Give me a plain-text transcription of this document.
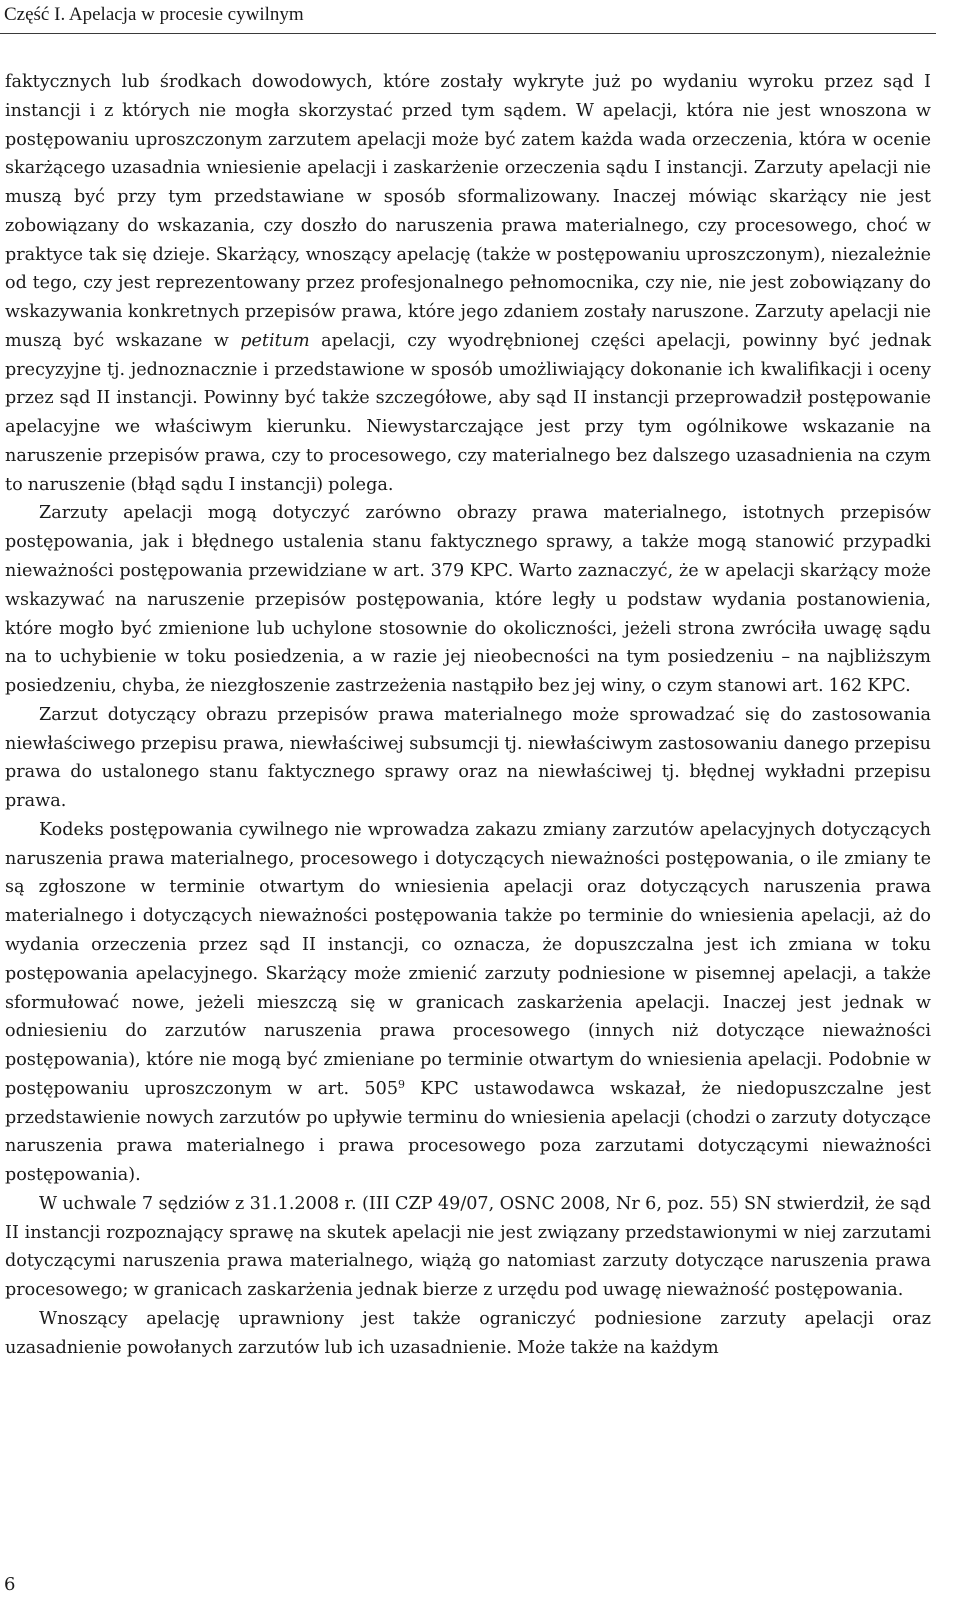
Część I. Apelacja w procesie cywilnym

faktycznych lub środkach dowodowych, które zostały wykryte już po wydaniu wyroku przez sąd I instancji i z których nie mogła skorzystać przed tym sądem. W apelacji, która nie jest wnoszona w postępowaniu uproszczonym zarzutem apelacji może być zatem każda wada orzeczenia, która w ocenie skarżącego uzasadnia wniesienie apelacji i zaskarżenie orzeczenia sądu I instancji. Zarzuty apelacji nie muszą być przy tym przedstawiane w sposób sformalizowany. Inaczej mówiąc skarżący nie jest zobowiązany do wskazania, czy doszło do naruszenia prawa materialnego, czy procesowego, choć w praktyce tak się dzieje. Skarżący, wnoszący apelację (także w postępowaniu uproszczonym), niezależnie od tego, czy jest reprezentowany przez profesjonalnego pełnomocnika, czy nie, nie jest zobowiązany do wskazywania konkretnych przepisów prawa, które jego zdaniem zostały naruszone. Zarzuty apelacji nie muszą być wskazane w petitum apelacji, czy wyodrębnionej części apelacji, powinny być jednak precyzyjne tj. jednoznacznie i przedstawione w sposób umożliwiający dokonanie ich kwalifikacji i oceny przez sąd II instancji. Powinny być także szczegółowe, aby sąd II instancji przeprowadził postępowanie apelacyjne we właściwym kierunku. Niewystarczające jest przy tym ogólnikowe wskazanie na naruszenie przepisów prawa, czy to procesowego, czy materialnego bez dalszego uzasadnienia na czym to naruszenie (błąd sądu I instancji) polega.

Zarzuty apelacji mogą dotyczyć zarówno obrazy prawa materialnego, istotnych przepisów postępowania, jak i błędnego ustalenia stanu faktycznego sprawy, a także mogą stanowić przypadki nieważności postępowania przewidziane w art. 379 KPC. Warto zaznaczyć, że w apelacji skarżący może wskazywać na naruszenie przepisów postępowania, które legły u podstaw wydania postanowienia, które mogło być zmienione lub uchylone stosownie do okoliczności, jeżeli strona zwróciła uwagę sądu na to uchybienie w toku posiedzenia, a w razie jej nieobecności na tym posiedzeniu – na najbliższym posiedzeniu, chyba, że niezgłoszenie zastrzeżenia nastąpiło bez jej winy, o czym stanowi art. 162 KPC.

Zarzut dotyczący obrazu przepisów prawa materialnego może sprowadzać się do zastosowania niewłaściwego przepisu prawa, niewłaściwej subsumcji tj. niewłaściwym zastosowaniu danego przepisu prawa do ustalonego stanu faktycznego sprawy oraz na niewłaściwej tj. błędnej wykładni przepisu prawa.

Kodeks postępowania cywilnego nie wprowadza zakazu zmiany zarzutów apelacyjnych dotyczących naruszenia prawa materialnego, procesowego i dotyczących nieważności postępowania, o ile zmiany te są zgłoszone w terminie otwartym do wniesienia apelacji oraz dotyczących naruszenia prawa materialnego i dotyczących nieważności postępowania także po terminie do wniesienia apelacji, aż do wydania orzeczenia przez sąd II instancji, co oznacza, że dopuszczalna jest ich zmiana w toku postępowania apelacyjnego. Skarżący może zmienić zarzuty podniesione w pisemnej apelacji, a także sformułować nowe, jeżeli mieszczą się w granicach zaskarżenia apelacji. Inaczej jest jednak w odniesieniu do zarzutów naruszenia prawa procesowego (innych niż dotyczące nieważności postępowania), które nie mogą być zmieniane po terminie otwartym do wniesienia apelacji. Podobnie w postępowaniu uproszczonym w art. $505^9$ KPC ustawodawca wskazał, że niedopuszczalne jest przedstawienie nowych zarzutów po upływie terminu do wniesienia apelacji (chodzi o zarzuty dotyczące naruszenia prawa materialnego i prawa procesowego poza zarzutami dotyczącymi nieważności postępowania).

W uchwale 7 sędziów z 31.1.2008 r. (III CZP 49/07, OSNC 2008, Nr 6, poz. 55) SN stwierdził, że sąd II instancji rozpoznający sprawę na skutek apelacji nie jest związany przedstawionymi w niej zarzutami dotyczącymi naruszenia prawa materialnego, wiążą go natomiast zarzuty dotyczące naruszenia prawa procesowego; w granicach zaskarżenia jednak bierze z urzędu pod uwagę nieważność postępowania.

Wnoszący apelację uprawniony jest także ograniczyć podniesione zarzuty apelacji oraz uzasadnienie powołanych zarzutów lub ich uzasadnienie. Może także na każdym

6
